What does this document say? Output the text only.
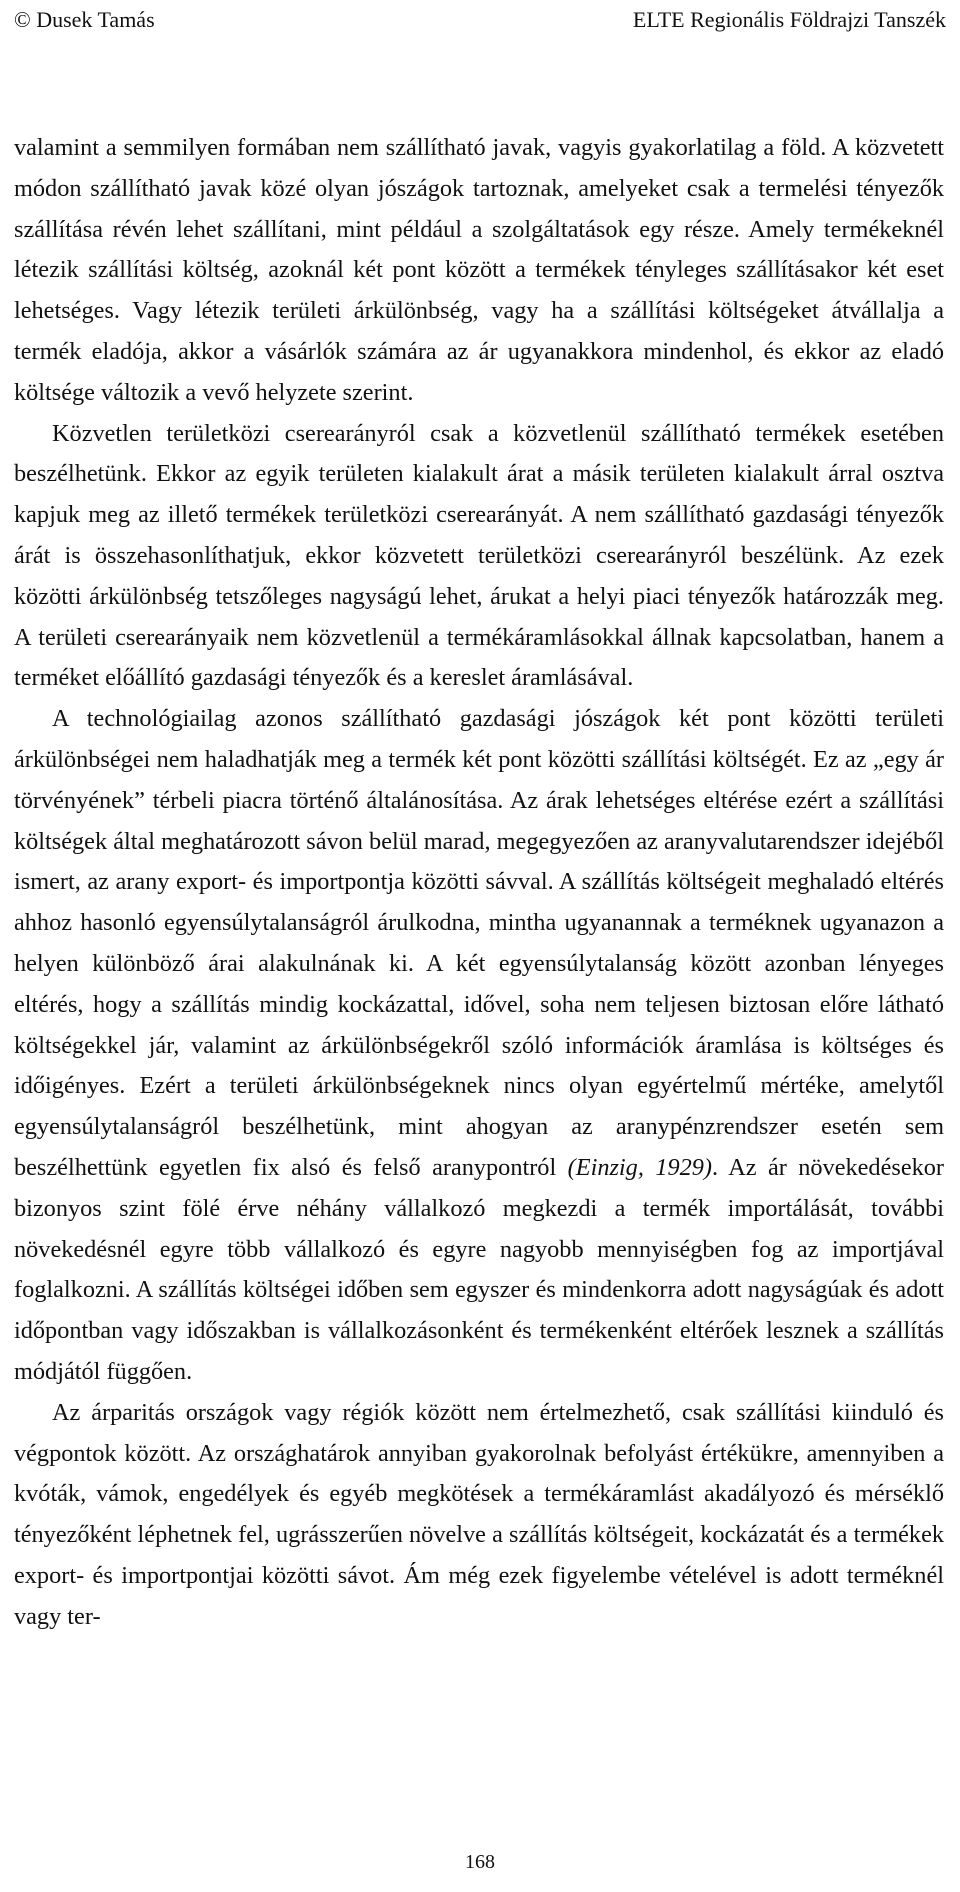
© Dusek Tamás	ELTE Regionális Földrajzi Tanszék

valamint a semmilyen formában nem szállítható javak, vagyis gyakorlatilag a föld. A közvetett módon szállítható javak közé olyan jószágok tartoznak, amelyeket csak a termelési tényezők szállítása révén lehet szállítani, mint például a szolgáltatások egy része. Amely termékeknél létezik szállítási költség, azoknál két pont között a termékek tényleges szállításakor két eset lehetséges. Vagy létezik területi árkülönbség, vagy ha a szállítási költségeket átvállalja a termék eladója, akkor a vásárlók számára az ár ugyanakkora mindenhol, és ekkor az eladó költsége változik a vevő helyzete szerint.

Közvetlen területközi cserearányról csak a közvetlenül szállítható termékek esetében beszélhetünk. Ekkor az egyik területen kialakult árat a másik területen kialakult árral osztva kapjuk meg az illető termékek területközi cserearányát. A nem szállítható gazdasági tényezők árát is összehasonlíthatjuk, ekkor közvetett területközi cserearányról beszélünk. Az ezek közötti árkülönbség tetszőleges nagyságú lehet, árukat a helyi piaci tényezők határozzák meg. A területi cserearányaik nem közvetlenül a termékáramlásokkal állnak kapcsolatban, hanem a terméket előállító gazdasági tényezők és a kereslet áramlásával.

A technológiailag azonos szállítható gazdasági jószágok két pont közötti területi árkülönbségei nem haladhatják meg a termék két pont közötti szállítási költségét. Ez az „egy ár törvényének” térbeli piacra történő általánosítása. Az árak lehetséges eltérése ezért a szállítási költségek által meghatározott sávon belül marad, megegyezően az aranyvalutarendszer idejéből ismert, az arany export- és importpontja közötti sávval. A szállítás költségeit meghaladó eltérés ahhoz hasonló egyensúlytalanságról árulkodna, mintha ugyanannak a terméknek ugyanazon a helyen különböző árai alakulnának ki. A két egyensúlytalanság között azonban lényeges eltérés, hogy a szállítás mindig kockázattal, idővel, soha nem teljesen biztosan előre látható költségekkel jár, valamint az árkülönbségekről szóló információk áramlása is költséges és időigényes. Ezért a területi árkülönbségeknek nincs olyan egyértelmű mértéke, amelytől egyensúlytalanságról beszélhetünk, mint ahogyan az aranypénzrendszer esetén sem beszélhettünk egyetlen fix alsó és felső aranypontról (Einzig, 1929). Az ár növekedésekor bizonyos szint fölé érve néhány vállalkozó megkezdi a termék importálását, további növekedésnél egyre több vállalkozó és egyre nagyobb mennyiségben fog az importjával foglalkozni. A szállítás költségei időben sem egyszer és mindenkorra adott nagyságúak és adott időpontban vagy időszakban is vállalkozásonként és termékenként eltérőek lesznek a szállítás módjától függően.

Az árparitás országok vagy régiók között nem értelmezhető, csak szállítási kiinduló és végpontok között. Az országhatárok annyiban gyakorolnak befolyást értékükre, amennyiben a kvóták, vámok, engedélyek és egyéb megkötések a termékáramlást akadályozó és mérséklő tényezőként léphetnek fel, ugrásszerűen növelve a szállítás költségeit, kockázatát és a termékek export- és importpontjai közötti sávot. Ám még ezek figyelembe vételével is adott terméknél vagy ter-

168
